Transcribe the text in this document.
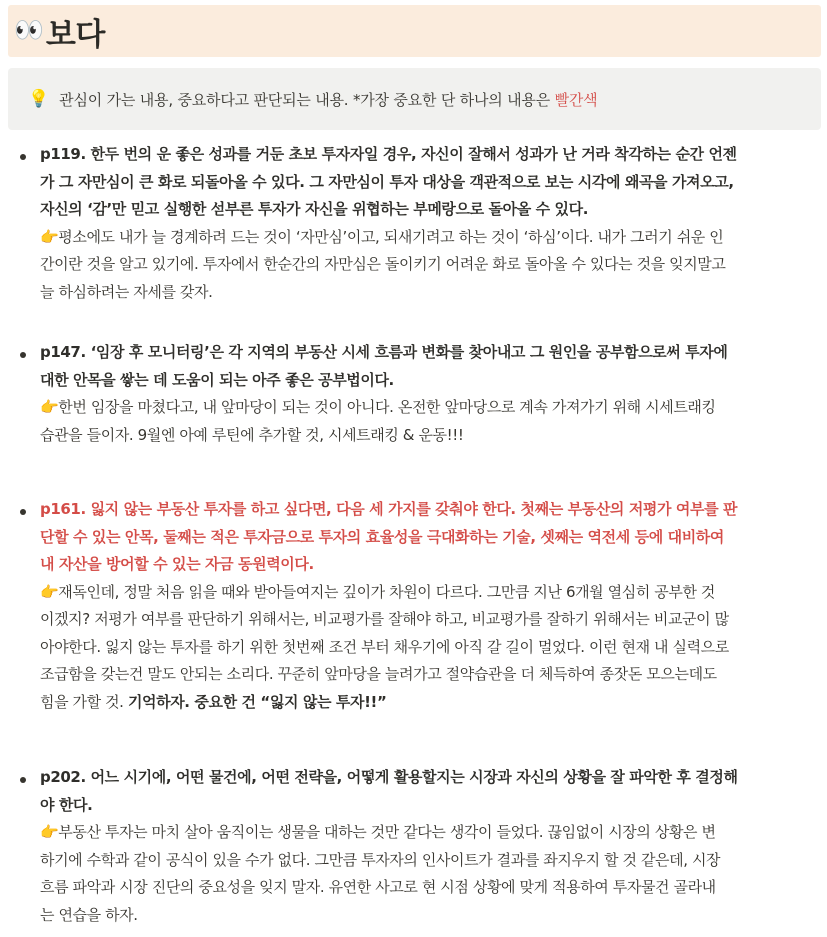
👀 보다
💡 관심이 가는 내용, 중요하다고 판단되는 내용. *가장 중요한 단 하나의 내용은 빨간색
p119. 한두 번의 운 좋은 성과를 거둔 초보 투자자일 경우, 자신이 잘해서 성과가 난 거라 착각하는 순간 언젠
가 그 자만심이 큰 화로 되돌아올 수 있다. 그 자만심이 투자 대상을 객관적으로 보는 시각에 왜곡을 가져오고,
자신의 ‘감’만 믿고 실행한 섣부른 투자가 자신을 위협하는 부메랑으로 돌아올 수 있다.
👉평소에도 내가 늘 경계하려 드는 것이 ‘자만심’이고, 되새기려고 하는 것이 ‘하심’이다. 내가 그러기 쉬운 인
간이란 것을 알고 있기에. 투자에서 한순간의 자만심은 돌이키기 어려운 화로 돌아올 수 있다는 것을 잊지말고
늘 하심하려는 자세를 갖자.
p147. ‘임장 후 모니터링’은 각 지역의 부동산 시세 흐름과 변화를 찾아내고 그 원인을 공부함으로써 투자에
대한 안목을 쌓는 데 도움이 되는 아주 좋은 공부법이다.
👉한번 임장을 마쳤다고, 내 앞마당이 되는 것이 아니다. 온전한 앞마당으로 계속 가져가기 위해 시세트래킹
습관을 들이자. 9월엔 아예 루틴에 추가할 것, 시세트래킹 & 운동!!!
p161. 잃지 않는 부동산 투자를 하고 싶다면, 다음 세 가지를 갖춰야 한다. 첫째는 부동산의 저평가 여부를 판
단할 수 있는 안목, 둘째는 적은 투자금으로 투자의 효율성을 극대화하는 기술, 셋째는 역전세 등에 대비하여
내 자산을 방어할 수 있는 자금 동원력이다.
👉재독인데, 정말 처음 읽을 때와 받아들여지는 깊이가 차원이 다르다. 그만큼 지난 6개월 열심히 공부한 것
이겠지? 저평가 여부를 판단하기 위해서는, 비교평가를 잘해야 하고, 비교평가를 잘하기 위해서는 비교군이 많
아야한다. 잃지 않는 투자를 하기 위한 첫번째 조건 부터 채우기에 아직 갈 길이 멀었다. 이런 현재 내 실력으로
조급함을 갖는건 말도 안되는 소리다. 꾸준히 앞마당을 늘려가고 절약습관을 더 체득하여 종잣돈 모으는데도
힘을 가할 것. 기억하자. 중요한 건 “잃지 않는 투자!!”
p202. 어느 시기에, 어떤 물건에, 어떤 전략을, 어떻게 활용할지는 시장과 자신의 상황을 잘 파악한 후 결정해
야 한다.
👉부동산 투자는 마치 살아 움직이는 생물을 대하는 것만 같다는 생각이 들었다. 끊임없이 시장의 상황은 변
하기에 수학과 같이 공식이 있을 수가 없다. 그만큼 투자자의 인사이트가 결과를 좌지우지 할 것 같은데, 시장
흐름 파악과 시장 진단의 중요성을 잊지 말자. 유연한 사고로 현 시점 상황에 맞게 적용하여 투자물건 골라내
는 연습을 하자.
